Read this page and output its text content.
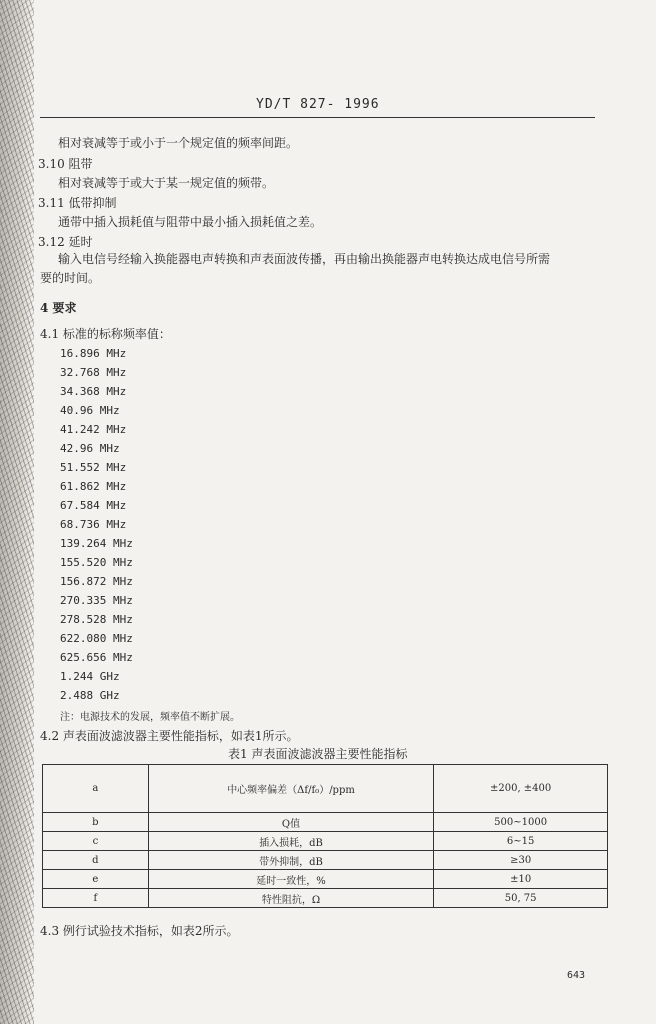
YD/T 827- 1996
相对衰减等于或小于一个规定值的频率间距。
3.10 阻带
相对衰减等于或大于某一规定值的频带。
3.11 低带抑制
通带中插入损耗值与阻带中最小插入损耗值之差。
3.12 延时
输入电信号经输入换能器电声转换和声表面波传播，再由输出换能器声电转换达成电信号所需
要的时间。
4 要求
4.1 标准的标称频率值：
16.896 MHz
32.768 MHz
34.368 MHz
40.96 MHz
41.242 MHz
42.96 MHz
51.552 MHz
61.862 MHz
67.584 MHz
68.736 MHz
139.264 MHz
155.520 MHz
156.872 MHz
270.335 MHz
278.528 MHz
622.080 MHz
625.656 MHz
1.244 GHz
2.488 GHz
注：电源技术的发展，频率值不断扩展。
4.2 声表面波滤波器主要性能指标，如表1所示。
表1 声表面波滤波器主要性能指标
a	中心频率偏差（Δf/f₀）/ppm	±200, ±400
b	Q值	500~1000
c	插入损耗，dB	6~15
d	带外抑制，dB	≥30
e	延时一致性，%	±10
f	特性阻抗，Ω	50, 75
4.3 例行试验技术指标，如表2所示。
643
